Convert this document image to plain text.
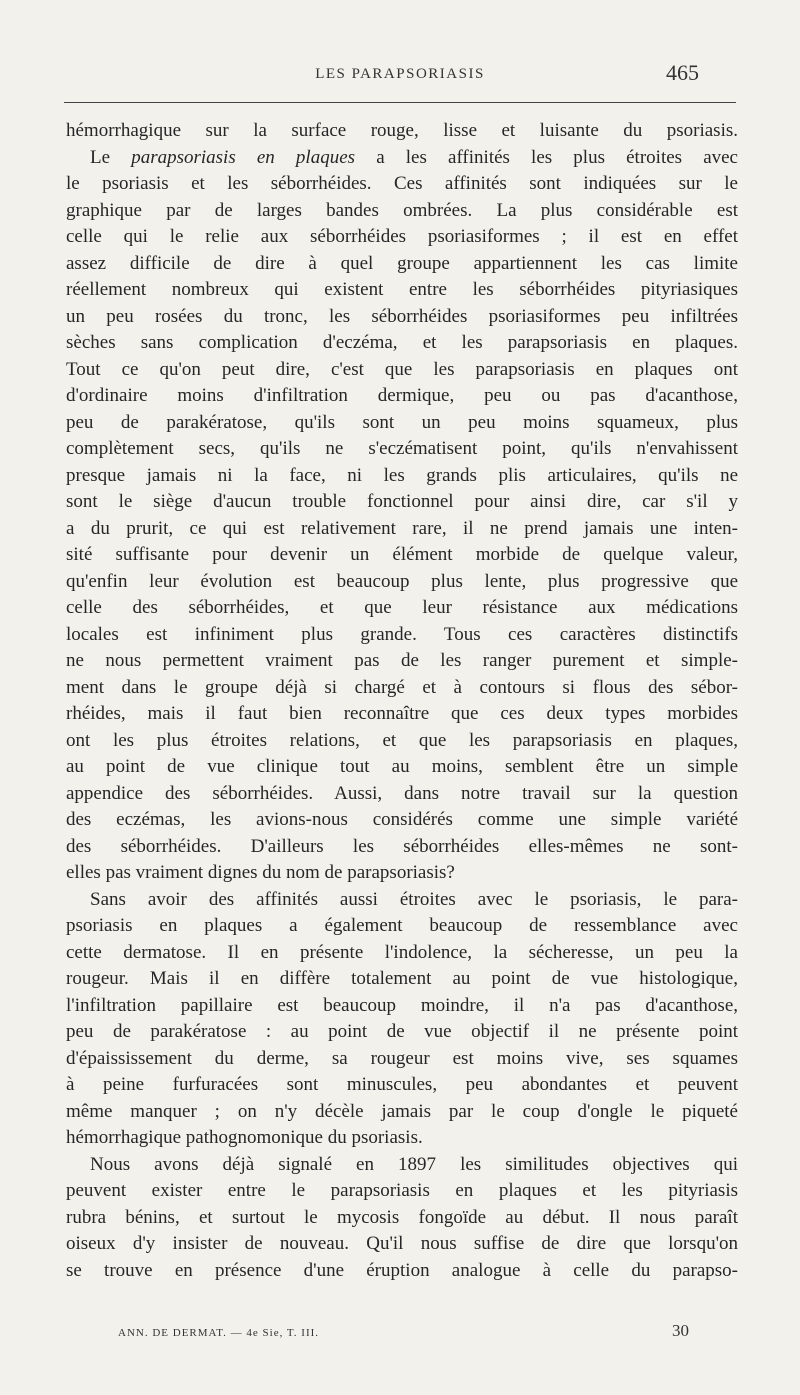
LES PARAPSORIASIS	465
hémorrhagique sur la surface rouge, lisse et luisante du psoriasis.
Le parapsoriasis en plaques a les affinités les plus étroites avec
le psoriasis et les séborrhéides. Ces affinités sont indiquées sur le
graphique par de larges bandes ombrées. La plus considérable est
celle qui le relie aux séborrhéides psoriasiformes ; il est en effet
assez difficile de dire à quel groupe appartiennent les cas limite
réellement nombreux qui existent entre les séborrhéides pityriasiques
un peu rosées du tronc, les séborrhéides psoriasiformes peu infiltrées
sèches sans complication d'eczéma, et les parapsoriasis en plaques.
Tout ce qu'on peut dire, c'est que les parapsoriasis en plaques ont
d'ordinaire moins d'infiltration dermique, peu ou pas d'acanthose,
peu de parakératose, qu'ils sont un peu moins squameux, plus
complètement secs, qu'ils ne s'eczématisent point, qu'ils n'envahissent
presque jamais ni la face, ni les grands plis articulaires, qu'ils ne
sont le siège d'aucun trouble fonctionnel pour ainsi dire, car s'il y
a du prurit, ce qui est relativement rare, il ne prend jamais une inten-
sité suffisante pour devenir un élément morbide de quelque valeur,
qu'enfin leur évolution est beaucoup plus lente, plus progressive que
celle des séborrhéides, et que leur résistance aux médications
locales est infiniment plus grande. Tous ces caractères distinctifs
ne nous permettent vraiment pas de les ranger purement et simple-
ment dans le groupe déjà si chargé et à contours si flous des sébor-
rhéides, mais il faut bien reconnaître que ces deux types morbides
ont les plus étroites relations, et que les parapsoriasis en plaques,
au point de vue clinique tout au moins, semblent être un simple
appendice des séborrhéides. Aussi, dans notre travail sur la question
des eczémas, les avions-nous considérés comme une simple variété
des séborrhéides. D'ailleurs les séborrhéides elles-mêmes ne sont-
elles pas vraiment dignes du nom de parapsoriasis?
Sans avoir des affinités aussi étroites avec le psoriasis, le para-
psoriasis en plaques a également beaucoup de ressemblance avec
cette dermatose. Il en présente l'indolence, la sécheresse, un peu la
rougeur. Mais il en diffère totalement au point de vue histologique,
l'infiltration papillaire est beaucoup moindre, il n'a pas d'acanthose,
peu de parakératose : au point de vue objectif il ne présente point
d'épaississement du derme, sa rougeur est moins vive, ses squames
à peine furfuracées sont minuscules, peu abondantes et peuvent
même manquer ; on n'y décèle jamais par le coup d'ongle le piqueté
hémorrhagique pathognomonique du psoriasis.
Nous avons déjà signalé en 1897 les similitudes objectives qui
peuvent exister entre le parapsoriasis en plaques et les pityriasis
rubra bénins, et surtout le mycosis fongoïde au début. Il nous paraît
oiseux d'y insister de nouveau. Qu'il nous suffise de dire que lorsqu'on
se trouve en présence d'une éruption analogue à celle du parapso-
ANN. DE DERMAT. — 4e Sie, T. III.	30
